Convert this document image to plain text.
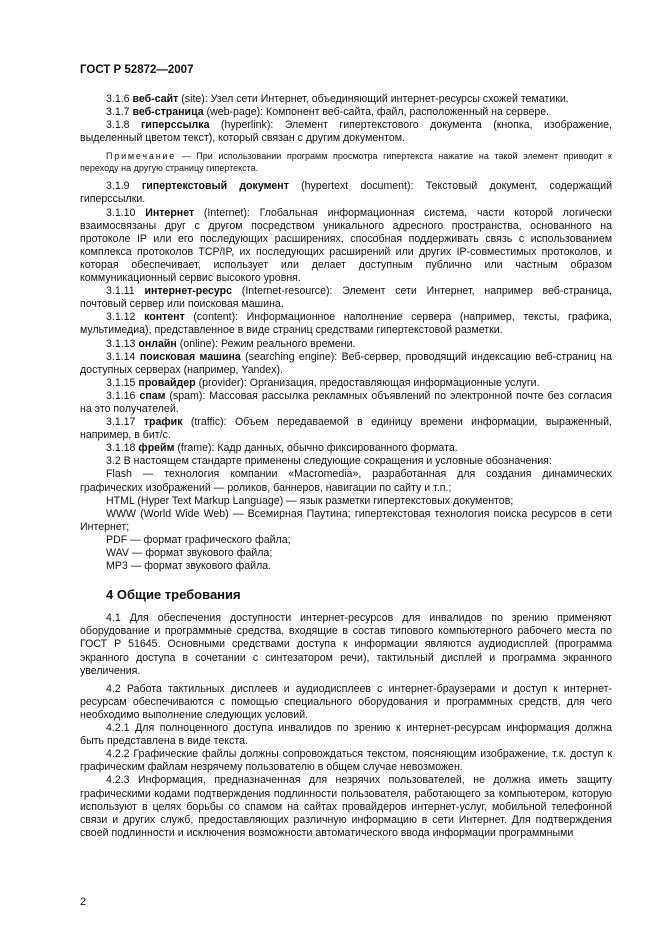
ГОСТ Р 52872—2007

3.1.6 веб-сайт (site): Узел сети Интернет, объединяющий интернет-ресурсы схожей тематики.

3.1.7 веб-страница (web-page): Компонент веб-сайта, файл, расположенный на сервере.

3.1.8 гиперссылка (hyperlink): Элемент гипертекстового документа (кнопка, изображение, выделенный цветом текст), который связан с другим документом.

Примечание — При использовании программ просмотра гипертекста нажатие на такой элемент приводит к переходу на другую страницу гипертекста.

3.1.9 гипертекстовый документ (hypertext document): Текстовый документ, содержащий гиперссылки.

3.1.10 Интернет (Internet): Глобальная информационная система, части которой логически взаимосвязаны друг с другом посредством уникального адресного пространства, основанного на протоколе IP или его последующих расширениях, способная поддерживать связь с использованием комплекса протоколов TCP/IP, их последующих расширений или других IP-совместимых протоколов, и которая обеспечивает, использует или делает доступным публично или частным образом коммуникационный сервис высокого уровня.

3.1.11 интернет-ресурс (Internet-resource): Элемент сети Интернет, например веб-страница, почтовый сервер или поисковая машина.

3.1.12 контент (content): Информационное наполнение сервера (например, тексты, графика, мультимедиа), представленное в виде страниц средствами гипертекстовой разметки.

3.1.13 онлайн (online): Режим реального времени.

3.1.14 поисковая машина (searching engine): Веб-сервер, проводящий индексацию веб-страниц на доступных серверах (например, Yandex).

3.1.15 провайдер (provider): Организация, предоставляющая информационные услуги.

3.1.16 спам (spam): Массовая рассылка рекламных объявлений по электронной почте без согласия на это получателей.

3.1.17 трафик (traffic): Объем передаваемой в единицу времени информации, выраженный, например, в бит/с.

3.1.18 фрейм (frame): Кадр данных, обычно фиксированного формата.

3.2 В настоящем стандарте применены следующие сокращения и условные обозначения:

Flash — технология компании «Macromedia», разработанная для создания динамических графических изображений — роликов, баннеров, навигации по сайту и т.п.;

HTML (Hyper Text Markup Language) — язык разметки гипертекстовых документов;

WWW (World Wide Web) — Всемирная Паутина; гипертекстовая технология поиска ресурсов в сети Интернет;

PDF — формат графического файла;

WAV — формат звукового файла;

MP3 — формат звукового файла.

4 Общие требования

4.1 Для обеспечения доступности интернет-ресурсов для инвалидов по зрению применяют оборудование и программные средства, входящие в состав типового компьютерного рабочего места по ГОСТ Р 51645. Основными средствами доступа к информации являются аудиодисплей (программа экранного доступа в сочетании с синтезатором речи), тактильный дисплей и программа экранного увеличения.

4.2 Работа тактильных дисплеев и аудиодисплеев с интернет-браузерами и доступ к интернет-ресурсам обеспечиваются с помощью специального оборудования и программных средств, для чего необходимо выполнение следующих условий.

4.2.1 Для полноценного доступа инвалидов по зрению к интернет-ресурсам информация должна быть представлена в виде текста.

4.2.2 Графические файлы должны сопровождаться текстом, поясняющим изображение, т.к. доступ к графическим файлам незрячему пользователю в общем случае невозможен.

4.2.3 Информация, предназначенная для незрячих пользователей, не должна иметь защиту графическими кодами подтверждения подлинности пользователя, работающего за компьютером, которую используют в целях борьбы со спамом на сайтах провайдеров интернет-услуг, мобильной телефонной связи и других служб, предоставляющих различную информацию в сети Интернет. Для подтверждения своей подлинности и исключения возможности автоматического ввода информации программными

2
